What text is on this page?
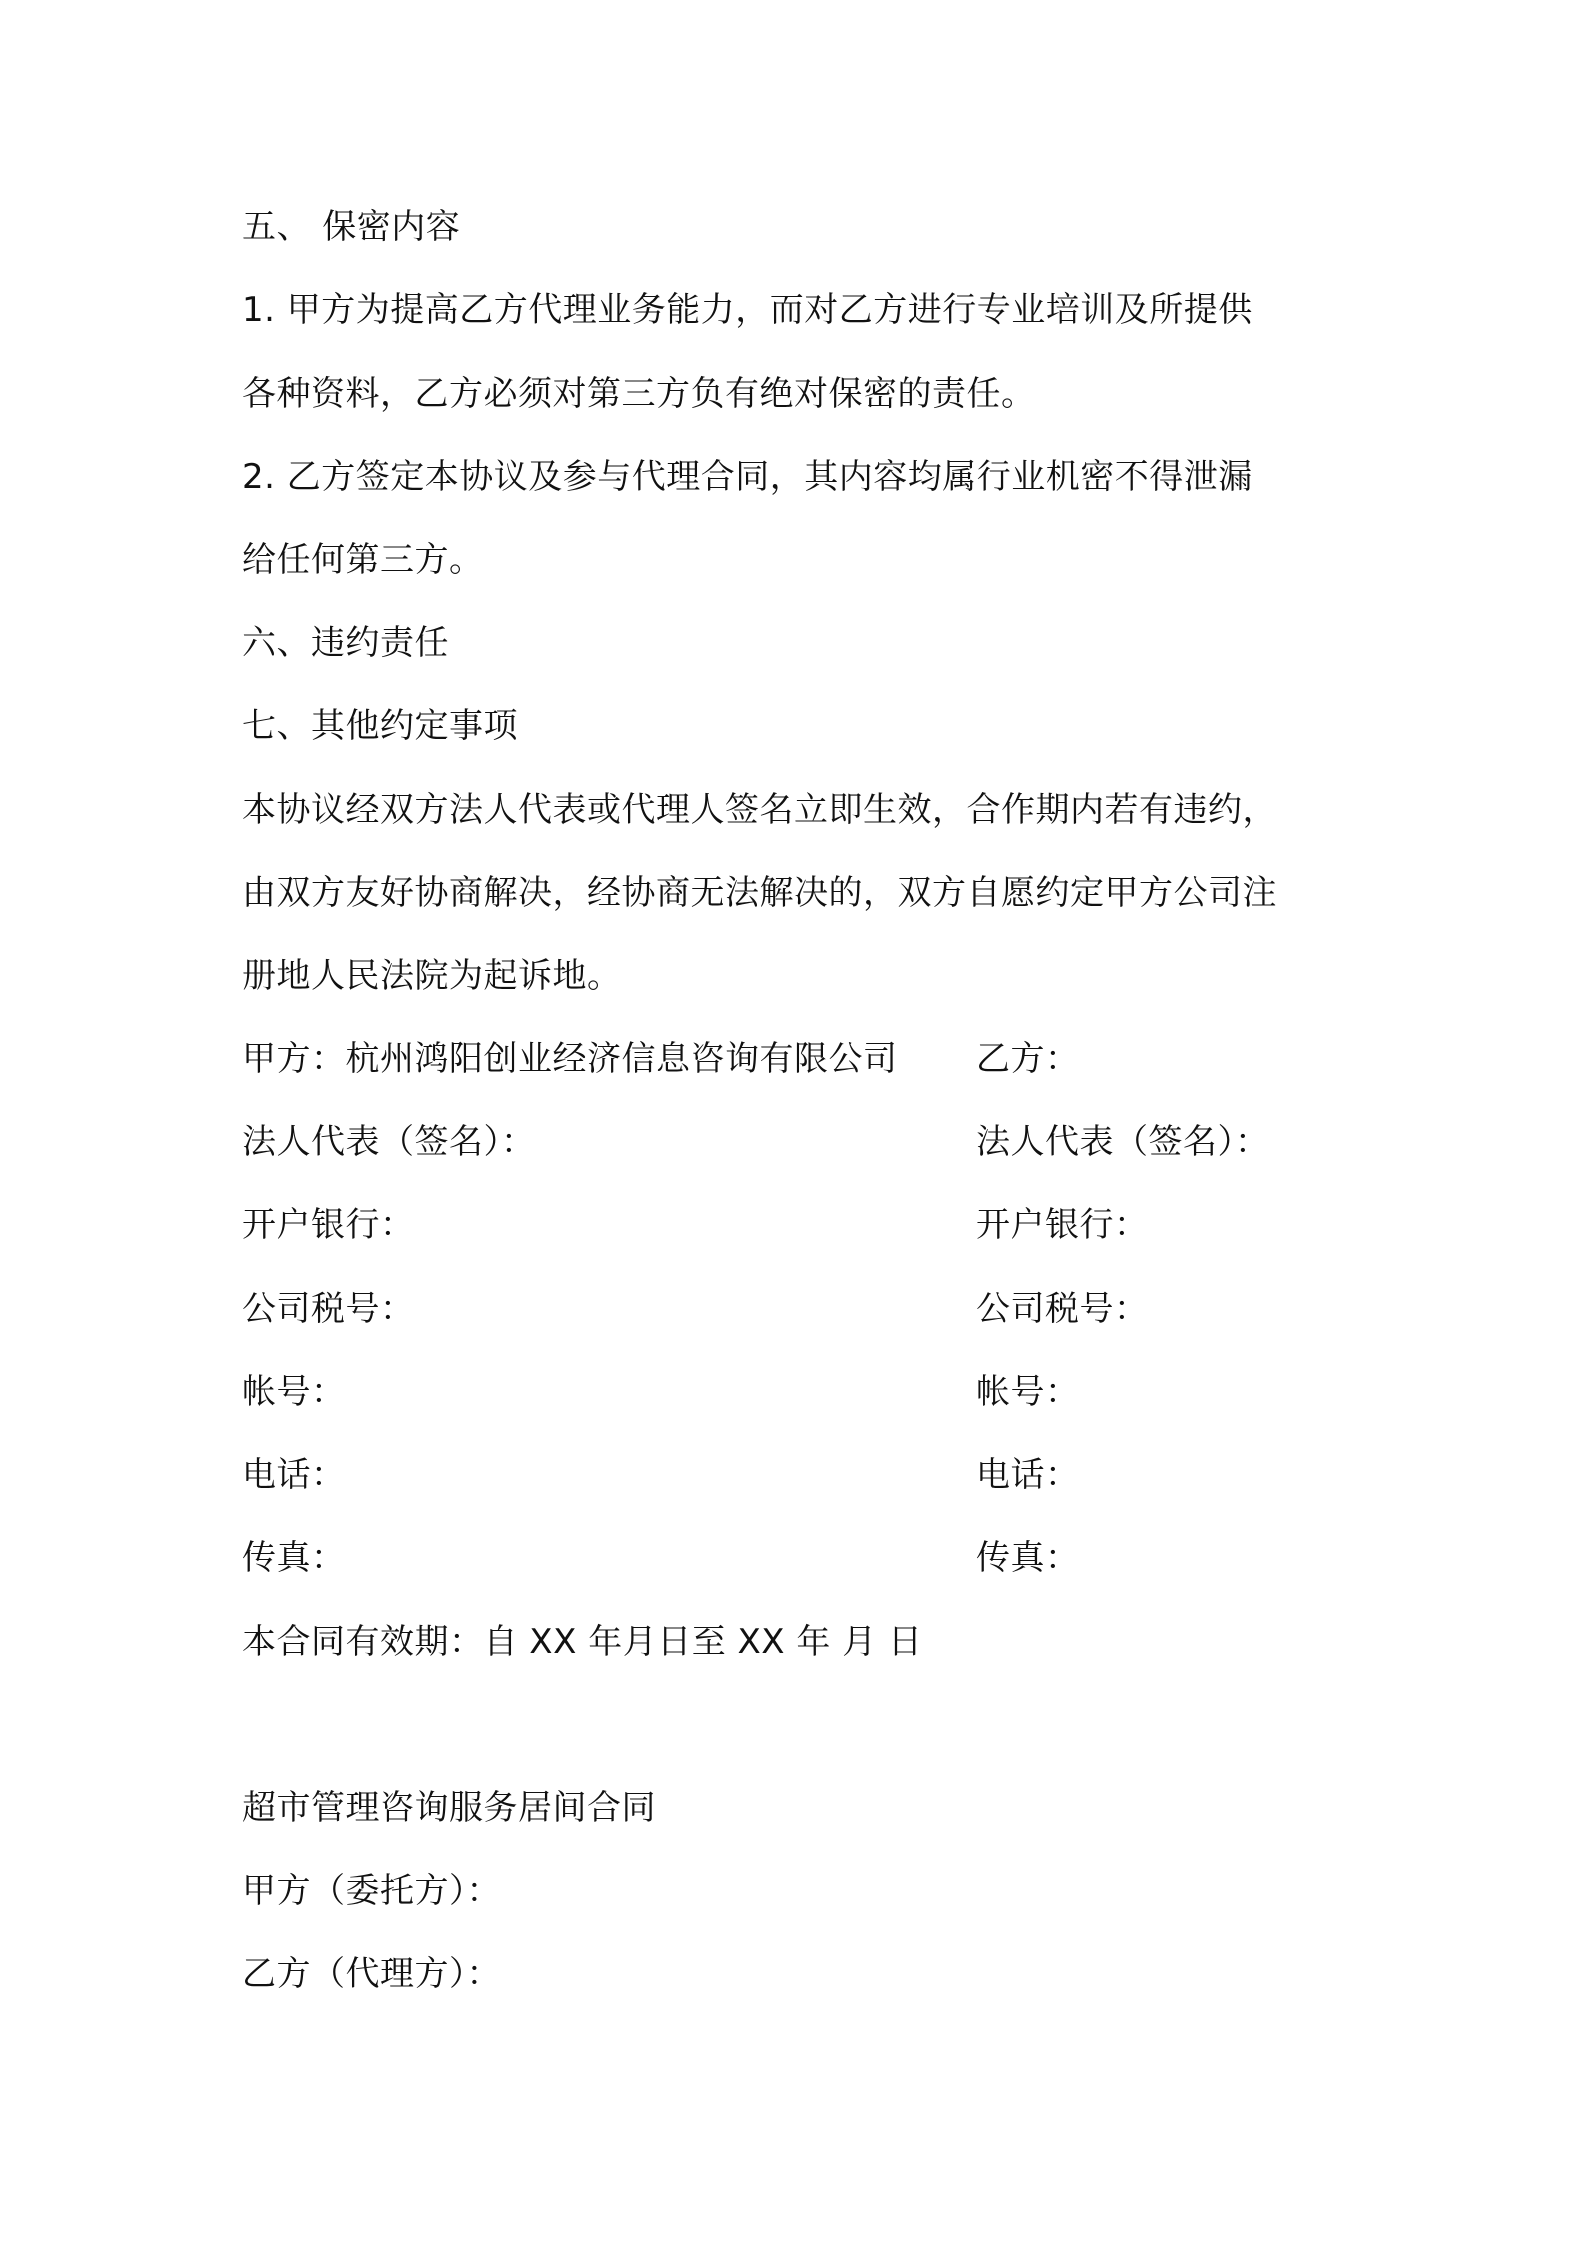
五、 保密内容
1. 甲方为提高乙方代理业务能力，而对乙方进行专业培训及所提供
各种资料，乙方必须对第三方负有绝对保密的责任。
2. 乙方签定本协议及参与代理合同，其内容均属行业机密不得泄漏
给任何第三方。
六、违约责任
七、其他约定事项
本协议经双方法人代表或代理人签名立即生效，合作期内若有违约，
由双方友好协商解决，经协商无法解决的，双方自愿约定甲方公司注
册地人民法院为起诉地。
甲方：杭州鸿阳创业经济信息咨询有限公司 乙方：
法人代表（签名）：	法人代表（签名）：
开户银行：	开户银行：
公司税号：	公司税号：
帐号：	帐号：
电话：	电话：
传真：	传真：
本合同有效期：自 XX 年月日至 XX 年 月 日
超市管理咨询服务居间合同
甲方（委托方）：
乙方（代理方）：
